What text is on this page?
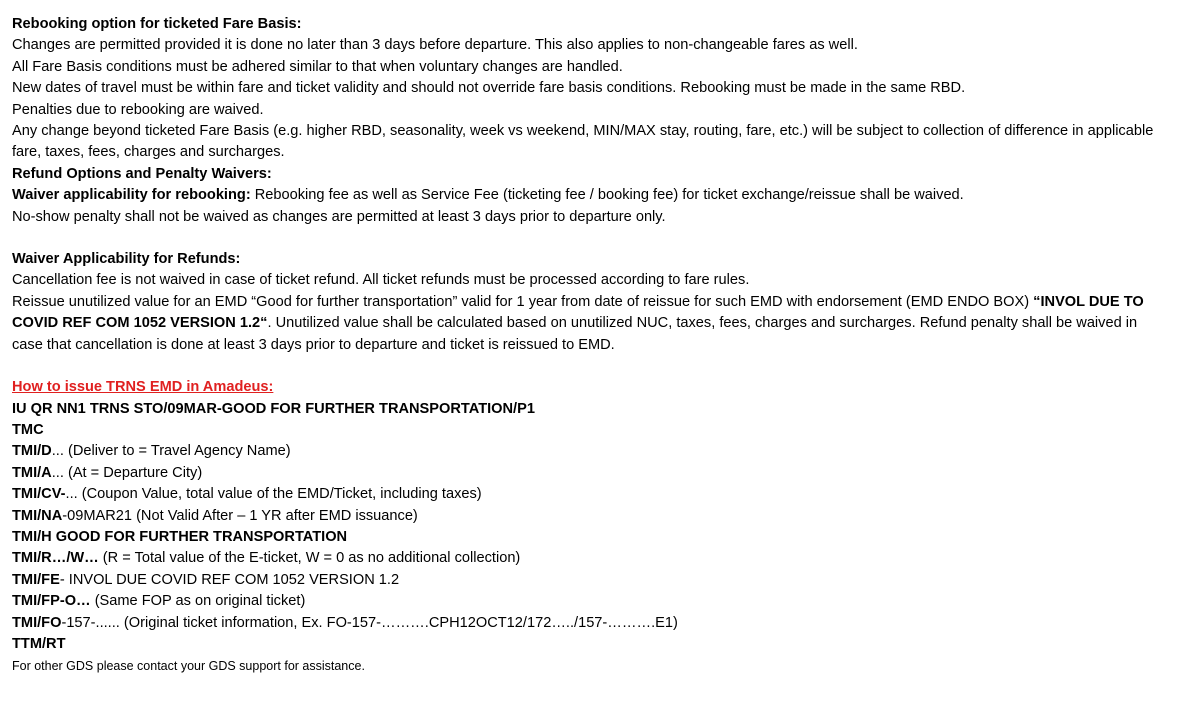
Rebooking option for ticketed Fare Basis:
Changes are permitted provided it is done no later than 3 days before departure. This also applies to non-changeable fares as well.
All Fare Basis conditions must be adhered similar to that when voluntary changes are handled.
New dates of travel must be within fare and ticket validity and should not override fare basis conditions. Rebooking must be made in the same RBD.
Penalties due to rebooking are waived.
Any change beyond ticketed Fare Basis (e.g. higher RBD, seasonality, week vs weekend, MIN/MAX stay, routing, fare, etc.) will be subject to collection of difference in applicable fare, taxes, fees, charges and surcharges.
Refund Options and Penalty Waivers:
Waiver applicability for rebooking: Rebooking fee as well as Service Fee (ticketing fee / booking fee) for ticket exchange/reissue shall be waived.
No-show penalty shall not be waived as changes are permitted at least 3 days prior to departure only.
Waiver Applicability for Refunds:
Cancellation fee is not waived in case of ticket refund. All ticket refunds must be processed according to fare rules.
Reissue unutilized value for an EMD “Good for further transportation” valid for 1 year from date of reissue for such EMD with endorsement (EMD ENDO BOX) “INVOL DUE TO COVID REF COM 1052 VERSION 1.2“. Unutilized value shall be calculated based on unutilized NUC, taxes, fees, charges and surcharges. Refund penalty shall be waived in case that cancellation is done at least 3 days prior to departure and ticket is reissued to EMD.
How to issue TRNS EMD in Amadeus:
IU QR NN1 TRNS STO/09MAR-GOOD FOR FURTHER TRANSPORTATION/P1
TMC
TMI/D... (Deliver to = Travel Agency Name)
TMI/A... (At = Departure City)
TMI/CV-... (Coupon Value, total value of the EMD/Ticket, including taxes)
TMI/NA-09MAR21 (Not Valid After – 1 YR after EMD issuance)
TMI/H GOOD FOR FURTHER TRANSPORTATION
TMI/R…/W… (R = Total value of the E-ticket, W = 0 as no additional collection)
TMI/FE- INVOL DUE COVID REF COM 1052 VERSION 1.2
TMI/FP-O… (Same FOP as on original ticket)
TMI/FO-157-...... (Original ticket information, Ex. FO-157-……….CPH12OCT12/172…../157-……….E1)
TTM/RT
For other GDS please contact your GDS support for assistance.
